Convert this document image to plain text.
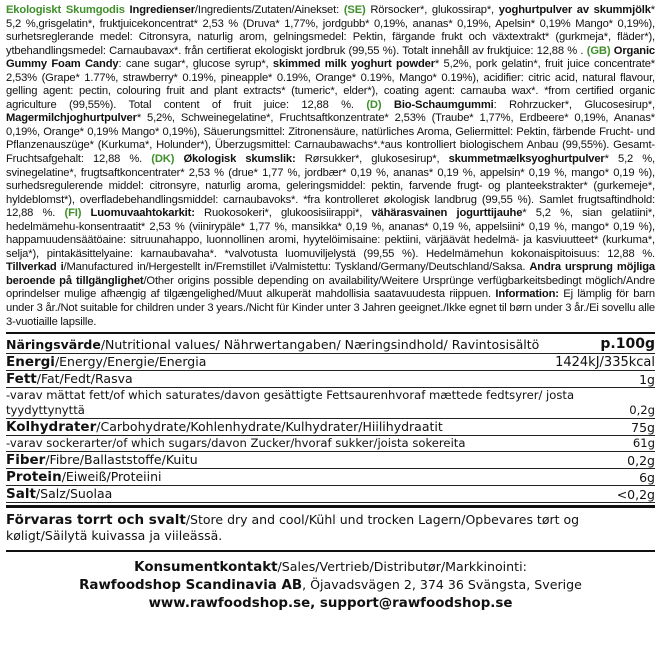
Ekologiskt Skumgodis Ingredienser/Ingredients/Zutaten/Ainekset: (SE) Rörsocker*, glukossirap*, yoghurtpulver av skummjölk* 5,2 %,grisgelatin*, fruktjuicekoncentrat* 2,53 % (Druva* 1,77%, jordgubb* 0,19%, ananas* 0,19%, Apelsin* 0,19% Mango* 0,19%), surhetsreglerande medel: Citronsyra, naturlig arom, gelningsmedel: Pektin, färgande frukt och växtextrakt* (gurkmeja*, fläder*), ytbehandlingsmedel: Carnaubavax*. från certifierat ekologiskt jordbruk (99,55 %). Totalt innehåll av fruktjuice: 12,88 % . (GB) Organic Gummy Foam Candy: cane sugar*, glucose syrup*, skimmed milk yoghurt powder* 5,2%, pork gelatin*, fruit juice concentrate* 2,53% (Grape* 1.77%, strawberry* 0.19%, pineapple* 0.19%, Orange* 0.19%, Mango* 0.19%), acidifier: citric acid, natural flavour, gelling agent: pectin, colouring fruit and plant extracts* (tumeric*, elder*), coating agent: carnauba wax*. *from certified organic agriculture (99,55%). Total content of fruit juice: 12,88 %. (D) Bio-Schaumgummi: Rohrzucker*, Glucosesirup*, Magermilchjoghurtpulver* 5,2%, Schweinegelatine*, Fruchtsaftkonzentrate* 2,53% (Traube* 1,77%, Erdbeere* 0,19%, Ananas* 0,19%, Orange* 0,19% Mango* 0,19%), Säuerungsmittel: Zitronensäure, natürliches Aroma, Geliermittel: Pektin, färbende Frucht- und Pflanzenauszüge* (Kurkuma*, Holunder*), Überzugsmittel: Carnaubawachs*.*aus kontrolliert biologischem Anbau (99,55%). Gesamt-Fruchtsafgehalt: 12,88 %. (DK) Økologisk skumslik: Rørsukker*, glukosesirup*, skummetmælksyoghurtpulver* 5,2 %, svinegelatine*, frugtsaftkoncentrater* 2,53 % (drue* 1,77 %, jordbær* 0,19 %, ananas* 0,19 %, appelsin* 0,19 %, mango* 0,19 %), surhedsregulerende middel: citronsyre, naturlig aroma, geleringsmiddel: pektin, farvende frugt- og planteekstrakter* (gurkemeje*, hyldeblomst*), overfladebehandlingsmiddel: carnaubavoks*. *fra kontrolleret økologisk landbrug (99,55 %). Samlet frugtsaftindhold: 12,88 %. (FI) Luomuvaahtokarkit: Ruokosokeri*, glukoosisiirappi*, vähärasvainen jogurttijauhe* 5,2 %, sian gelatiini*, hedelmämehu-konsentraatit* 2,53 % (viinirypäle* 1,77 %, mansikka* 0,19 %, ananas* 0,19 %, appelsiini* 0,19 %, mango* 0,19 %), happamuudensäätöaine: sitruunahappo, luonnollinen aromi, hyytelöimisaine: pektiini, värjäävät hedelmä- ja kasviuutteet* (kurkuma*, selja*), pintakäsittelyaine: karnaubavaha*. *valvotusta luomuviljelystä (99,55 %). Hedelmämehun kokonaispitoisuus: 12,88 %. Tillverkad i/Manufactured in/Hergestellt in/Fremstillet i/Valmistettu: Tyskland/Germany/Deutschland/Saksa. Andra ursprung möjliga beroende på tillgänglighet/Other origins possible depending on availability/Weitere Ursprünge verfügbarkeitsbedingt möglich/Andre oprindelser mulige afhængig af tilgængelighed/Muut alkuperät mahdollisia saatavuudesta riippuen. Information: Ej lämplig för barn under 3 år./Not suitable for children under 3 years./Nicht für Kinder unter 3 Jahren geeignet./Ikke egnet til børn under 3 år./Ei sovellu alle 3-vuotiaille lapsille.
Näringsvärde/Nutritional values/ Nährwertangaben/ Næringsindhold/ Ravintosisältö	p.100g
Energi/Energy/Energie/Energia	1424kJ/335kcal
Fett/Fat/Fedt/Rasva	1g
-varav mättat fett/of which saturates/davon gesättigte Fettsaurenhvoraf mættede fedtsyrer/ josta tyydyttynyttä	0,2g
Kolhydrater/Carbohydrate/Kohlenhydrate/Kulhydrater/Hiilihydraatit	75g
-varav sockerarter/of which sugars/davon Zucker/hvoraf sukker/joista sokereita	61g
Fiber/Fibre/Ballaststoffe/Kuitu	0,2g
Protein/Eiweiß/Proteiini	6g
Salt/Salz/Suolaa	<0,2g
Förvaras torrt och svalt/Store dry and cool/Kühl und trocken Lagern/Opbevares tørt og køligt/Säilytä kuivassa ja viileässä.
Konsumentkontakt/Sales/Vertrieb/Distributør/Markkinointi:
Rawfoodshop Scandinavia AB, Öjavadsvägen 2, 374 36 Svängsta, Sverige
www.rawfoodshop.se, support@rawfoodshop.se
